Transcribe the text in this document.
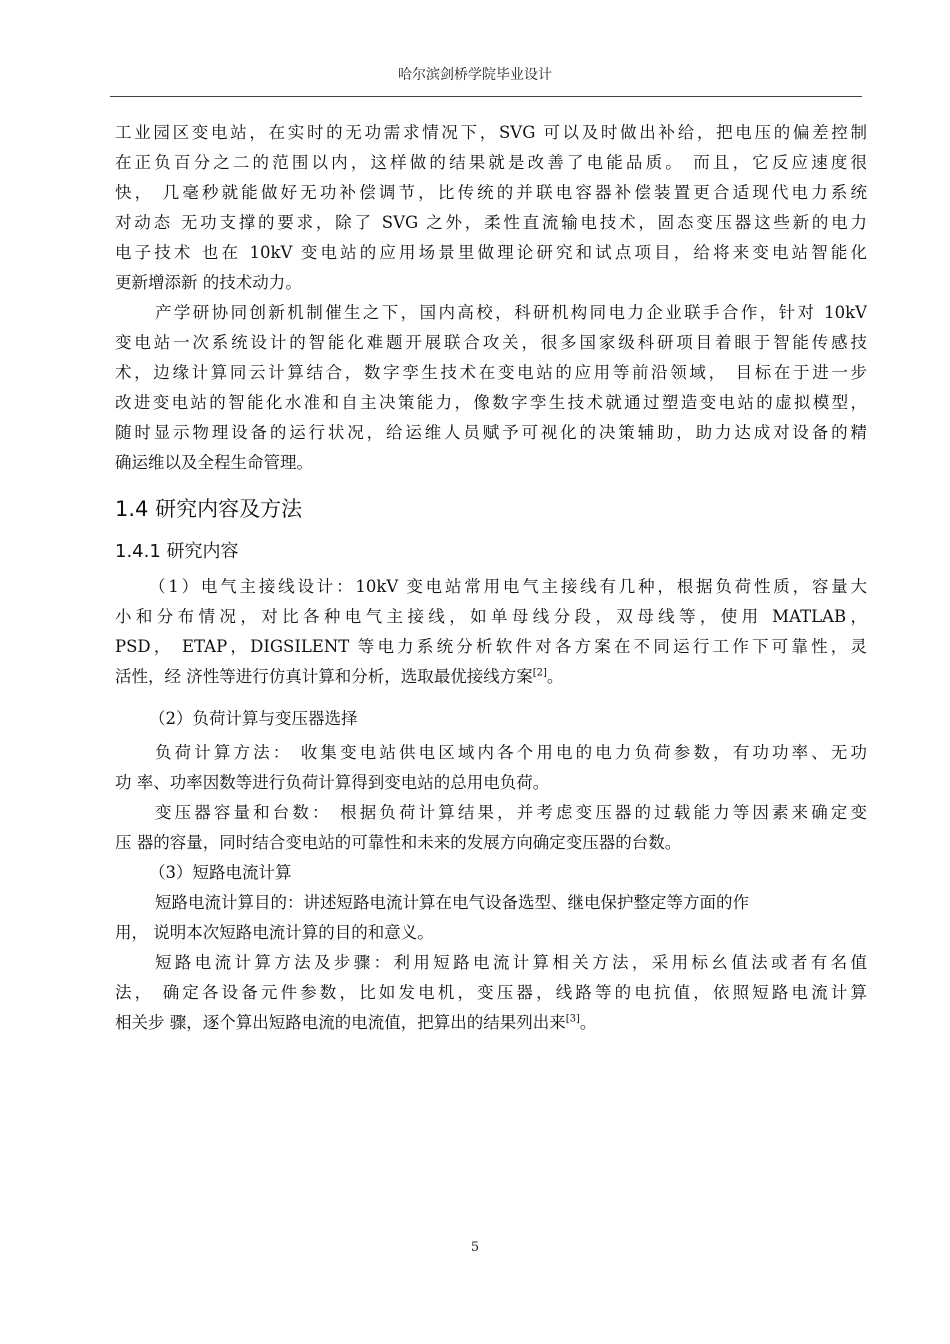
哈尔滨剑桥学院毕业设计
工业园区变电站，在实时的无功需求情况下，SVG 可以及时做出补给，把电压的偏差控制
在正负百分之二的范围以内，这样做的结果就是改善了电能品质。 而且，它反应速度很
快， 几毫秒就能做好无功补偿调节，比传统的并联电容器补偿装置更合适现代电力系统
对动态 无功支撑的要求，除了 SVG 之外，柔性直流输电技术，固态变压器这些新的电力
电子技术 也在 10kV 变电站的应用场景里做理论研究和试点项目，给将来变电站智能化
更新增添新 的技术动力。
产学研协同创新机制催生之下，国内高校，科研机构同电力企业联手合作，针对 10kV
变电站一次系统设计的智能化难题开展联合攻关，很多国家级科研项目着眼于智能传感技
术，边缘计算同云计算结合，数字孪生技术在变电站的应用等前沿领域， 目标在于进一步
改进变电站的智能化水准和自主决策能力，像数字孪生技术就通过塑造变电站的虚拟模型，
随时显示物理设备的运行状况，给运维人员赋予可视化的决策辅助，助力达成对设备的精
确运维以及全程生命管理。
1.4 研究内容及方法
1.4.1 研究内容
（1）电气主接线设计：10kV 变电站常用电气主接线有几种，根据负荷性质，容量大
小和分布情况，对比各种电气主接线，如单母线分段，双母线等，使用 MATLAB，
PSD， ETAP，DIGSILENT 等电力系统分析软件对各方案在不同运行工作下可靠性，灵
活性，经 济性等进行仿真计算和分析，选取最优接线方案[2]。
（2）负荷计算与变压器选择
负荷计算方法： 收集变电站供电区域内各个用电的电力负荷参数，有功功率、无功
功 率、功率因数等进行负荷计算得到变电站的总用电负荷。
变压器容量和台数： 根据负荷计算结果，并考虑变压器的过载能力等因素来确定变
压 器的容量，同时结合变电站的可靠性和未来的发展方向确定变压器的台数。
（3）短路电流计算
短路电流计算目的：讲述短路电流计算在电气设备选型、继电保护整定等方面的作
用， 说明本次短路电流计算的目的和意义。
短路电流计算方法及步骤：利用短路电流计算相关方法，采用标幺值法或者有名值
法， 确定各设备元件参数，比如发电机，变压器，线路等的电抗值，依照短路电流计算
相关步 骤，逐个算出短路电流的电流值，把算出的结果列出来[3]。
5
